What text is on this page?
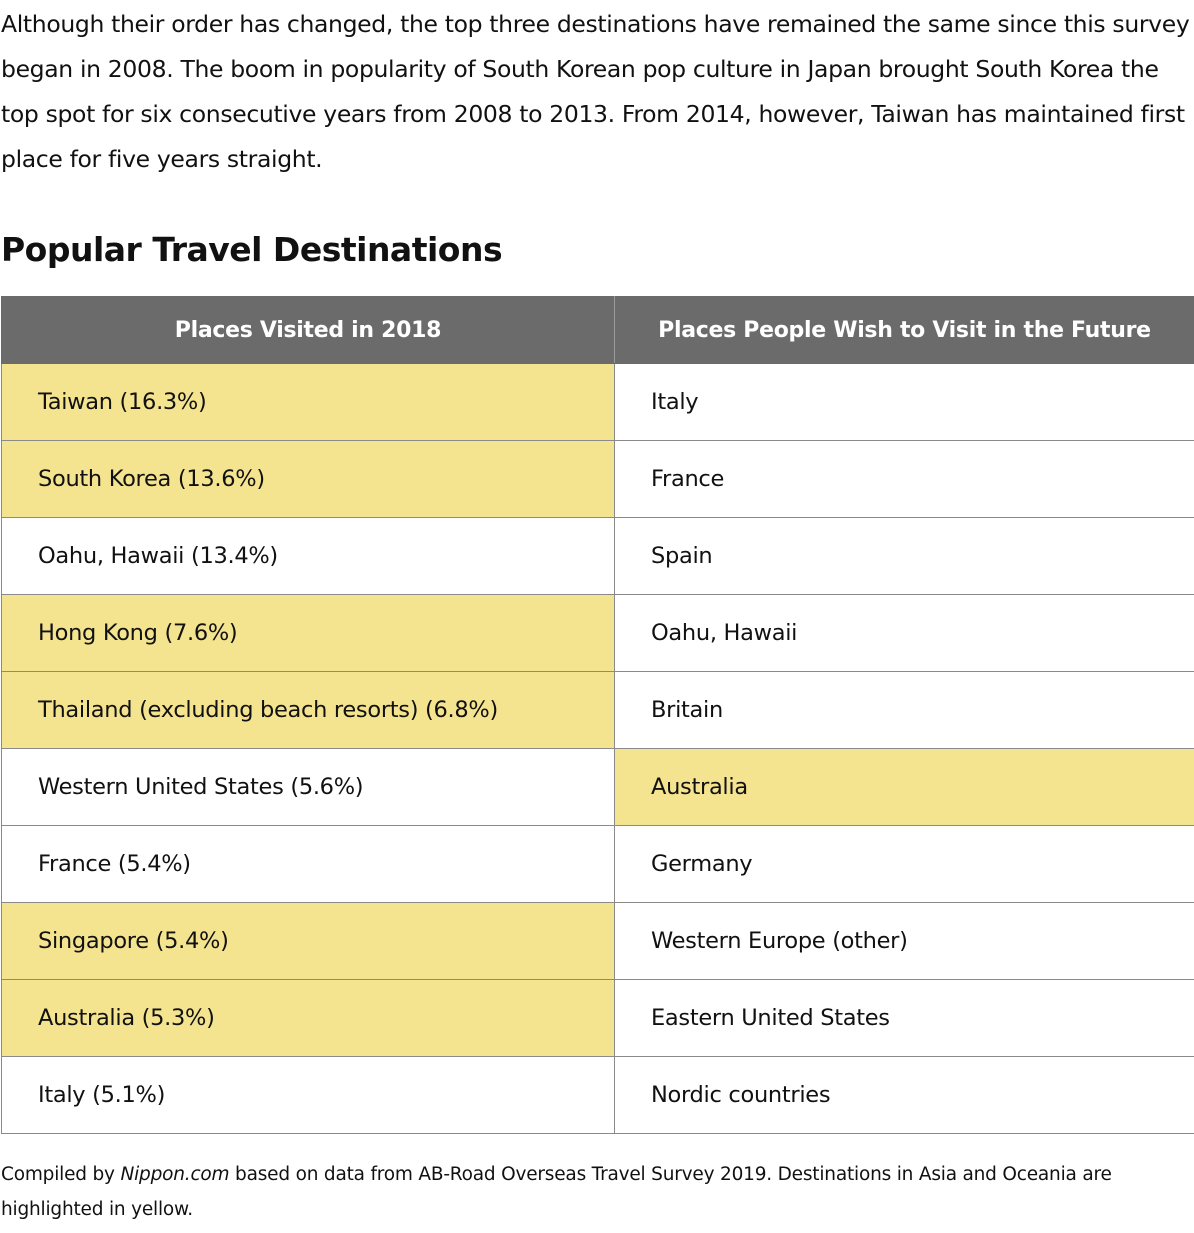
Although their order has changed, the top three destinations have remained the same since this survey began in 2008. The boom in popularity of South Korean pop culture in Japan brought South Korea the top spot for six consecutive years from 2008 to 2013. From 2014, however, Taiwan has maintained first place for five years straight.

Popular Travel Destinations
Places Visited in 2018	Places People Wish to Visit in the Future
Taiwan (16.3%)	Italy
South Korea (13.6%)	France
Oahu, Hawaii (13.4%)	Spain
Hong Kong (7.6%)	Oahu, Hawaii
Thailand (excluding beach resorts) (6.8%)	Britain
Western United States (5.6%)	Australia
France (5.4%)	Germany
Singapore (5.4%)	Western Europe (other)
Australia (5.3%)	Eastern United States
Italy (5.1%)	Nordic countries

Compiled by Nippon.com based on data from AB-Road Overseas Travel Survey 2019. Destinations in Asia and Oceania are highlighted in yellow.
